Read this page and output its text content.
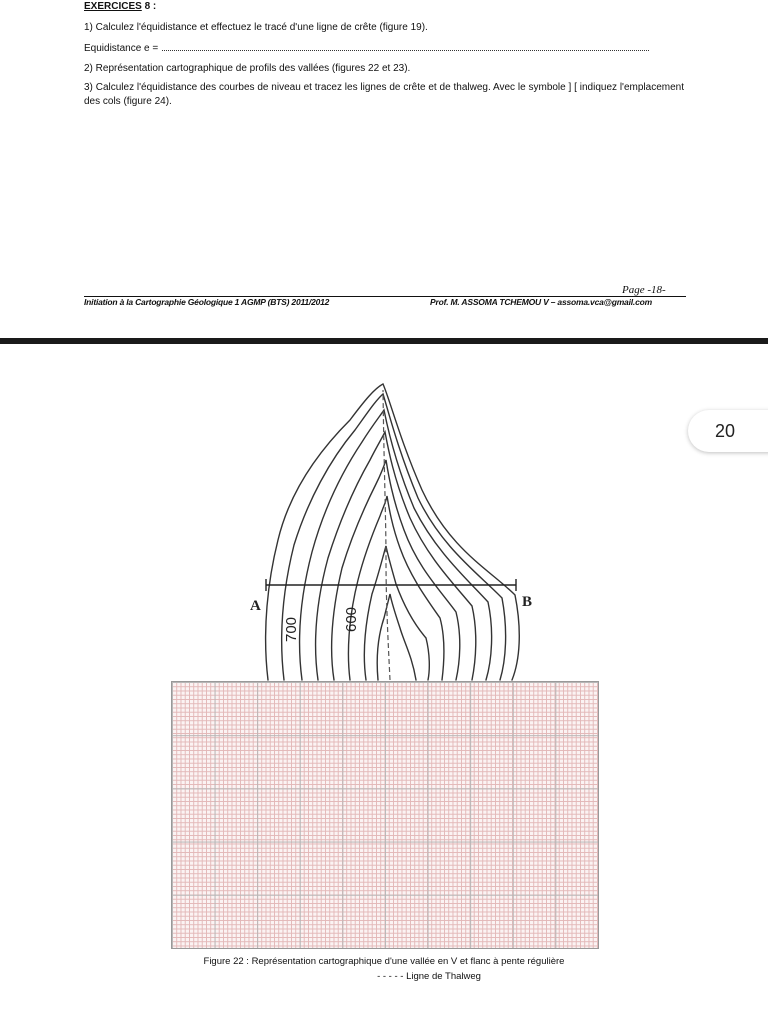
EXERCICES 8 :
1) Calculez l'équidistance et effectuez le tracé d'une ligne de crête (figure 19).
Equidistance e =
2) Représentation cartographique de profils des vallées (figures 22 et 23).
3) Calculez l'équidistance des courbes de niveau et tracez les lignes de crête et de thalweg. Avec le symbole ] [ indiquez l'emplacement des cols (figure 24).
Page -18-
Initiation à la Cartographie Géologique 1 AGMP (BTS) 2011/2012	Prof. M. ASSOMA TCHEMOU V – assoma.vca@gmail.com
20
A	B
700	600
Figure 22 : Représentation cartographique d'une vallée en V et flanc à pente régulière
- - - - - Ligne de Thalweg
